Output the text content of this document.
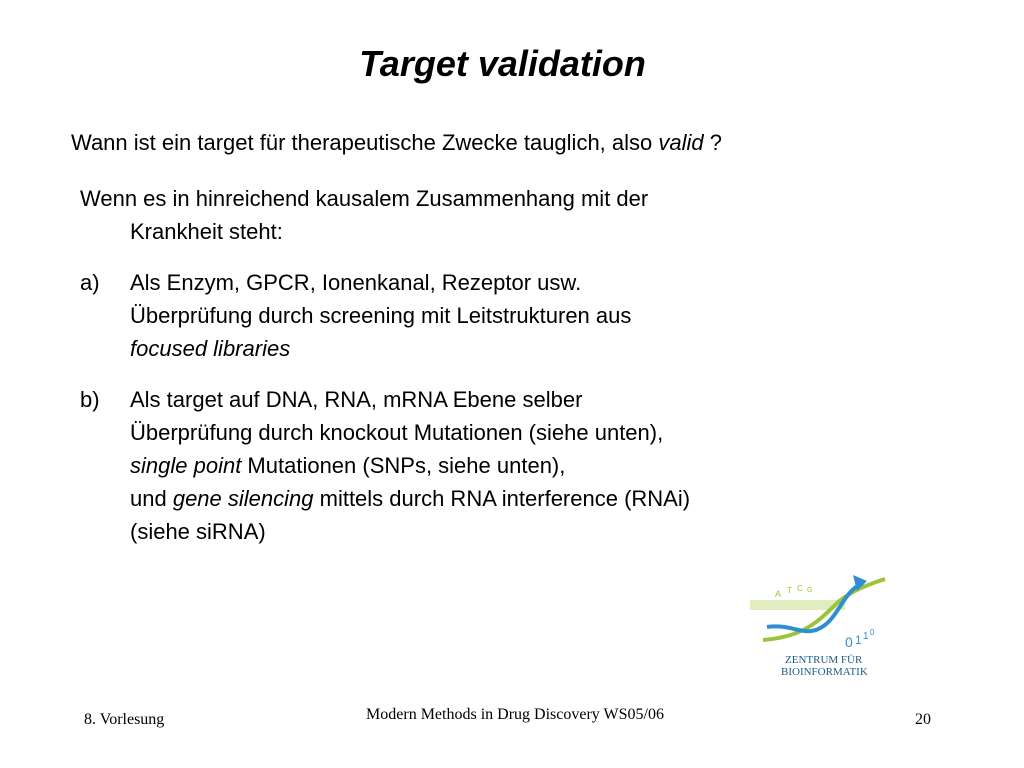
Target validation
Wann ist ein target für therapeutische Zwecke tauglich, also valid ?
Wenn es in hinreichend kausalem Zusammenhang mit der
Krankheit steht:
a) Als Enzym, GPCR, Ionenkanal, Rezeptor usw.
Überprüfung durch screening mit Leitstrukturen aus
focused libraries
b) Als target auf DNA, RNA, mRNA Ebene selber
Überprüfung durch knockout Mutationen (siehe unten),
single point Mutationen (SNPs, siehe unten),
und gene silencing mittels durch RNA interference (RNAi)
(siehe siRNA)
A T C G
0 1 1 0
ZENTRUM FÜR
BIOINFORMATIK
8. Vorlesung	Modern Methods in Drug Discovery WS05/06	20
